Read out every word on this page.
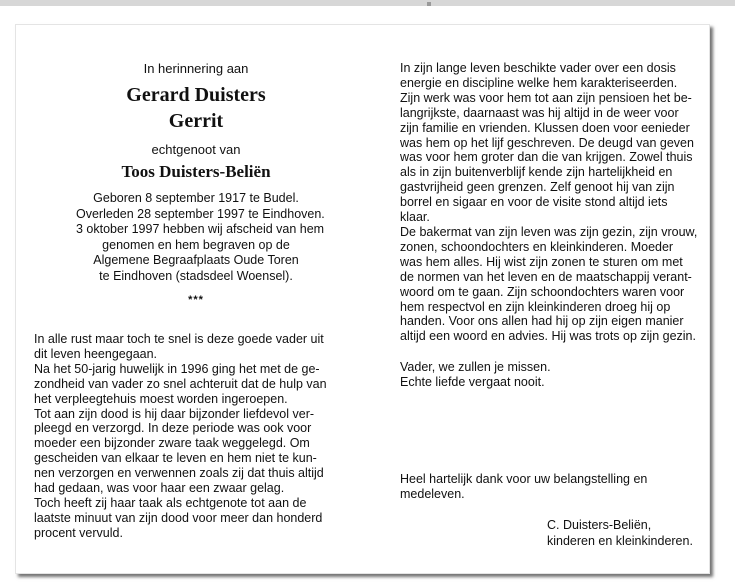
In herinnering aan
Gerard Duisters
Gerrit
echtgenoot van
Toos Duisters-Beliën
Geboren 8 september 1917 te Budel.
Overleden 28 september 1997 te Eindhoven.
3 oktober 1997 hebben wij afscheid van hem
genomen en hem begraven op de
Algemene Begraafplaats Oude Toren
te Eindhoven (stadsdeel Woensel).
***
In alle rust maar toch te snel is deze goede vader uit
dit leven heengegaan.
Na het 50-jarig huwelijk in 1996 ging het met de ge-
zondheid van vader zo snel achteruit dat de hulp van
het verpleegtehuis moest worden ingeroepen.
Tot aan zijn dood is hij daar bijzonder liefdevol ver-
pleegd en verzorgd. In deze periode was ook voor
moeder een bijzonder zware taak weggelegd. Om
gescheiden van elkaar te leven en hem niet te kun-
nen verzorgen en verwennen zoals zij dat thuis altijd
had gedaan, was voor haar een zwaar gelag.
Toch heeft zij haar taak als echtgenote tot aan de
laatste minuut van zijn dood voor meer dan honderd
procent vervuld.
In zijn lange leven beschikte vader over een dosis
energie en discipline welke hem karakteriseerden.
Zijn werk was voor hem tot aan zijn pensioen het be-
langrijkste, daarnaast was hij altijd in de weer voor
zijn familie en vrienden. Klussen doen voor eenieder
was hem op het lijf geschreven. De deugd van geven
was voor hem groter dan die van krijgen. Zowel thuis
als in zijn buitenverblijf kende zijn hartelijkheid en
gastvrijheid geen grenzen. Zelf genoot hij van zijn
borrel en sigaar en voor de visite stond altijd iets
klaar.
De bakermat van zijn leven was zijn gezin, zijn vrouw,
zonen, schoondochters en kleinkinderen. Moeder
was hem alles. Hij wist zijn zonen te sturen om met
de normen van het leven en de maatschappij verant-
woord om te gaan. Zijn schoondochters waren voor
hem respectvol en zijn kleinkinderen droeg hij op
handen. Voor ons allen had hij op zijn eigen manier
altijd een woord en advies. Hij was trots op zijn gezin.
Vader, we zullen je missen.
Echte liefde vergaat nooit.
Heel hartelijk dank voor uw belangstelling en
medeleven.
C. Duisters-Beliën,
kinderen en kleinkinderen.
